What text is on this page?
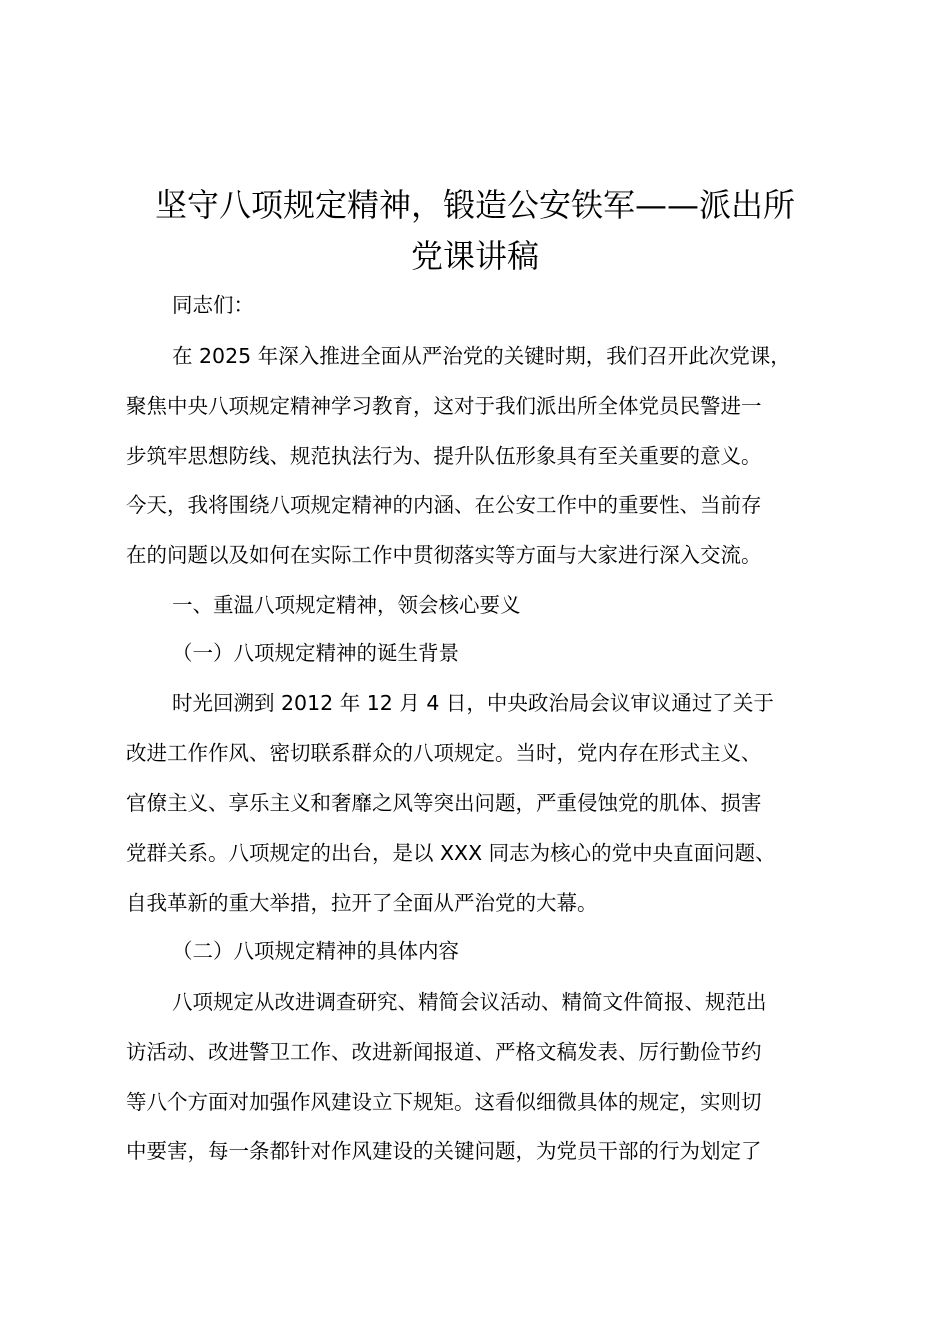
坚守八项规定精神，锻造公安铁军——派出所
党课讲稿

同志们：

在 2025 年深入推进全面从严治党的关键时期，我们召开此次党课，

聚焦中央八项规定精神学习教育，这对于我们派出所全体党员民警进一

步筑牢思想防线、规范执法行为、提升队伍形象具有至关重要的意义。

今天，我将围绕八项规定精神的内涵、在公安工作中的重要性、当前存

在的问题以及如何在实际工作中贯彻落实等方面与大家进行深入交流。

一、重温八项规定精神，领会核心要义

（一）八项规定精神的诞生背景

时光回溯到 2012 年 12 月 4 日，中央政治局会议审议通过了关于

改进工作作风、密切联系群众的八项规定。当时，党内存在形式主义、

官僚主义、享乐主义和奢靡之风等突出问题，严重侵蚀党的肌体、损害

党群关系。八项规定的出台，是以 XXX 同志为核心的党中央直面问题、

自我革新的重大举措，拉开了全面从严治党的大幕。

（二）八项规定精神的具体内容

八项规定从改进调查研究、精简会议活动、精简文件简报、规范出

访活动、改进警卫工作、改进新闻报道、严格文稿发表、厉行勤俭节约

等八个方面对加强作风建设立下规矩。这看似细微具体的规定，实则切

中要害，每一条都针对作风建设的关键问题，为党员干部的行为划定了
